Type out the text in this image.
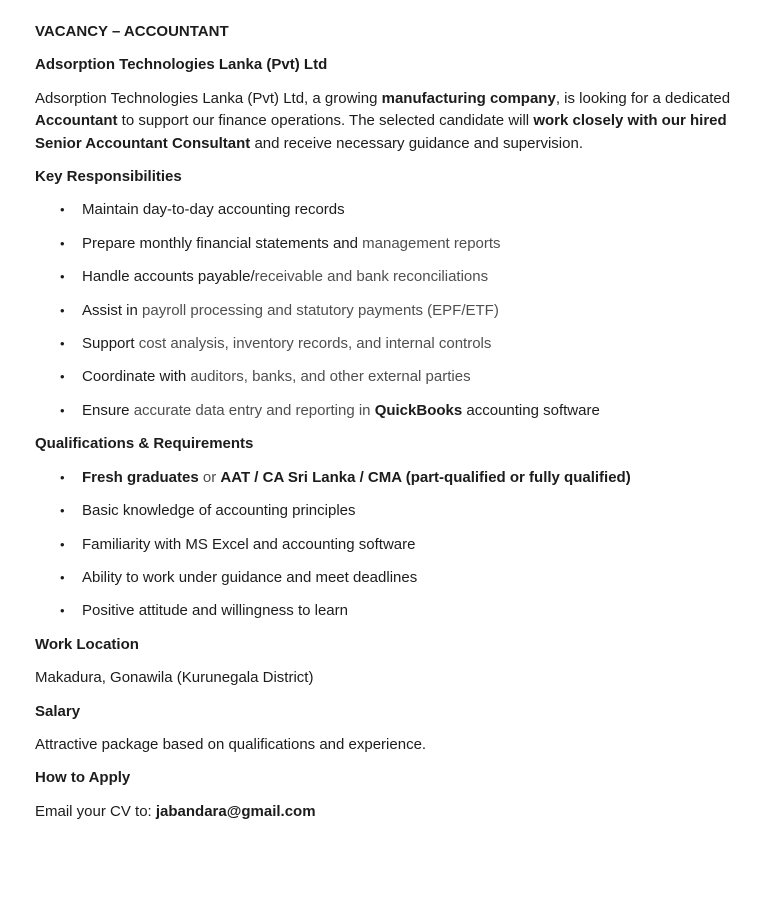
VACANCY – ACCOUNTANT

Adsorption Technologies Lanka (Pvt) Ltd

Adsorption Technologies Lanka (Pvt) Ltd, a growing manufacturing company, is looking for a dedicated Accountant to support our finance operations. The selected candidate will work closely with our hired Senior Accountant Consultant and receive necessary guidance and supervision.

Key Responsibilities

•	Maintain day-to-day accounting records
•	Prepare monthly financial statements and management reports
•	Handle accounts payable/receivable and bank reconciliations
•	Assist in payroll processing and statutory payments (EPF/ETF)
•	Support cost analysis, inventory records, and internal controls
•	Coordinate with auditors, banks, and other external parties
•	Ensure accurate data entry and reporting in QuickBooks accounting software

Qualifications & Requirements

•	Fresh graduates or AAT / CA Sri Lanka / CMA (part-qualified or fully qualified)
•	Basic knowledge of accounting principles
•	Familiarity with MS Excel and accounting software
•	Ability to work under guidance and meet deadlines
•	Positive attitude and willingness to learn

Work Location

Makadura, Gonawila (Kurunegala District)

Salary

Attractive package based on qualifications and experience.

How to Apply

Email your CV to: jabandara@gmail.com
